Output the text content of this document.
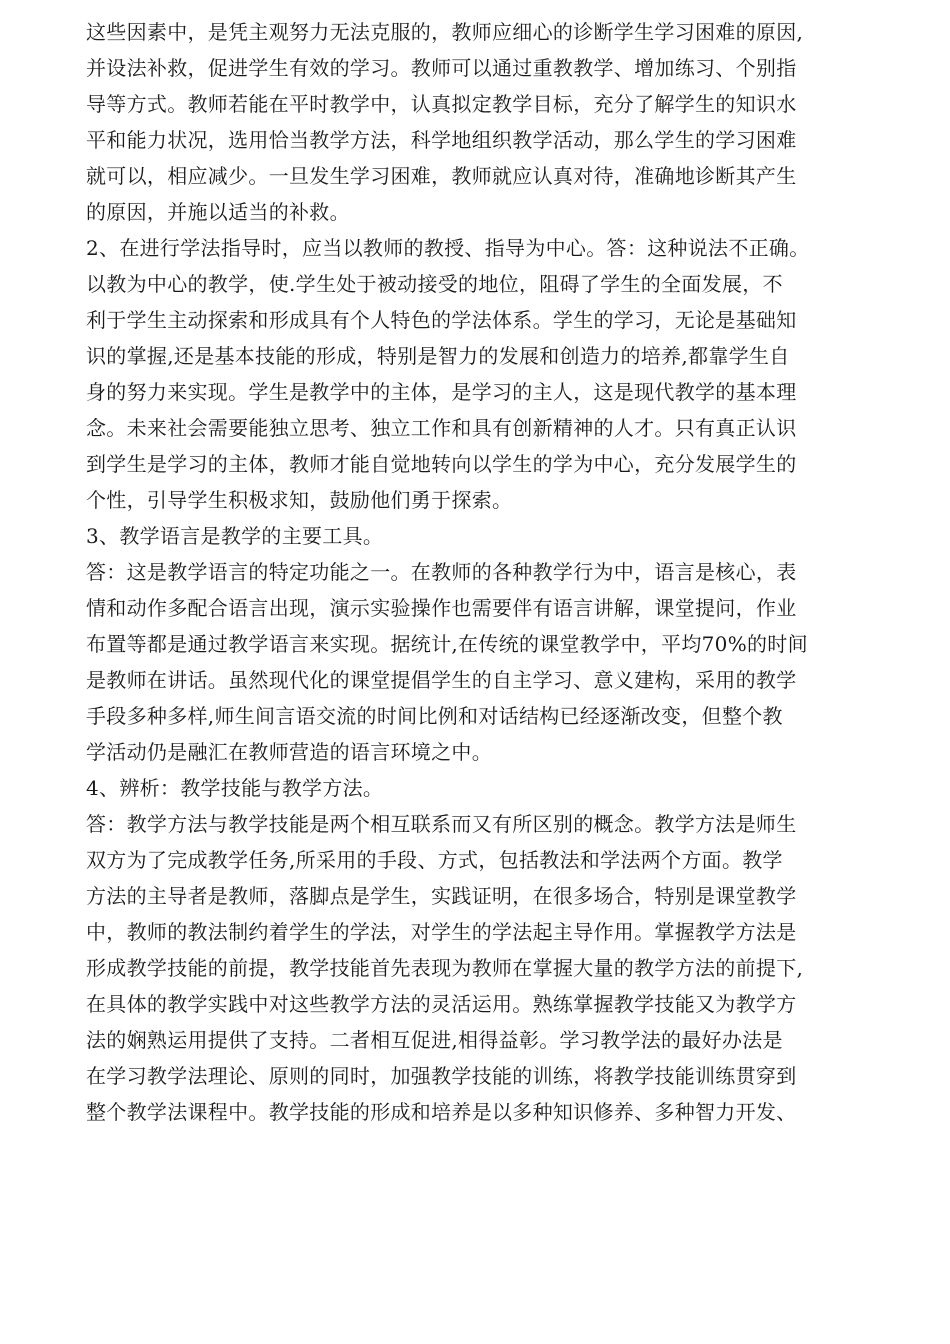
这些因素中，是凭主观努力无法克服的，教师应细心的诊断学生学习困难的原因,
并设法补救，促进学生有效的学习。教师可以通过重教教学、增加练习、个别指
导等方式。教师若能在平时教学中，认真拟定教学目标，充分了解学生的知识水
平和能力状况，选用恰当教学方法，科学地组织教学活动，那么学生的学习困难
就可以，相应减少。一旦发生学习困难，教师就应认真对待，准确地诊断其产生
的原因，并施以适当的补救。
2、在进行学法指导时，应当以教师的教授、指导为中心。答：这种说法不正确。
以教为中心的教学，使.学生处于被动接受的地位，阻碍了学生的全面发展，不
利于学生主动探索和形成具有个人特色的学法体系。学生的学习，无论是基础知
识的掌握,还是基本技能的形成，特别是智力的发展和创造力的培养,都靠学生自
身的努力来实现。学生是教学中的主体，是学习的主人，这是现代教学的基本理
念。未来社会需要能独立思考、独立工作和具有创新精神的人才。只有真正认识
到学生是学习的主体，教师才能自觉地转向以学生的学为中心，充分发展学生的
个性，引导学生积极求知，鼓励他们勇于探索。
3、教学语言是教学的主要工具。
答：这是教学语言的特定功能之一。在教师的各种教学行为中，语言是核心，表
情和动作多配合语言出现，演示实验操作也需要伴有语言讲解，课堂提问，作业
布置等都是通过教学语言来实现。据统计,在传统的课堂教学中，平均70%的时间
是教师在讲话。虽然现代化的课堂提倡学生的自主学习、意义建构，采用的教学
手段多种多样,师生间言语交流的时间比例和对话结构已经逐渐改变，但整个教
学活动仍是融汇在教师营造的语言环境之中。
4、辨析：教学技能与教学方法。
答：教学方法与教学技能是两个相互联系而又有所区别的概念。教学方法是师生
双方为了完成教学任务,所采用的手段、方式，包括教法和学法两个方面。教学
方法的主导者是教师，落脚点是学生，实践证明，在很多场合，特别是课堂教学
中，教师的教法制约着学生的学法，对学生的学法起主导作用。掌握教学方法是
形成教学技能的前提，教学技能首先表现为教师在掌握大量的教学方法的前提下,
在具体的教学实践中对这些教学方法的灵活运用。熟练掌握教学技能又为教学方
法的娴熟运用提供了支持。二者相互促进,相得益彰。学习教学法的最好办法是
在学习教学法理论、原则的同时，加强教学技能的训练，将教学技能训练贯穿到
整个教学法课程中。教学技能的形成和培养是以多种知识修养、多种智力开发、
